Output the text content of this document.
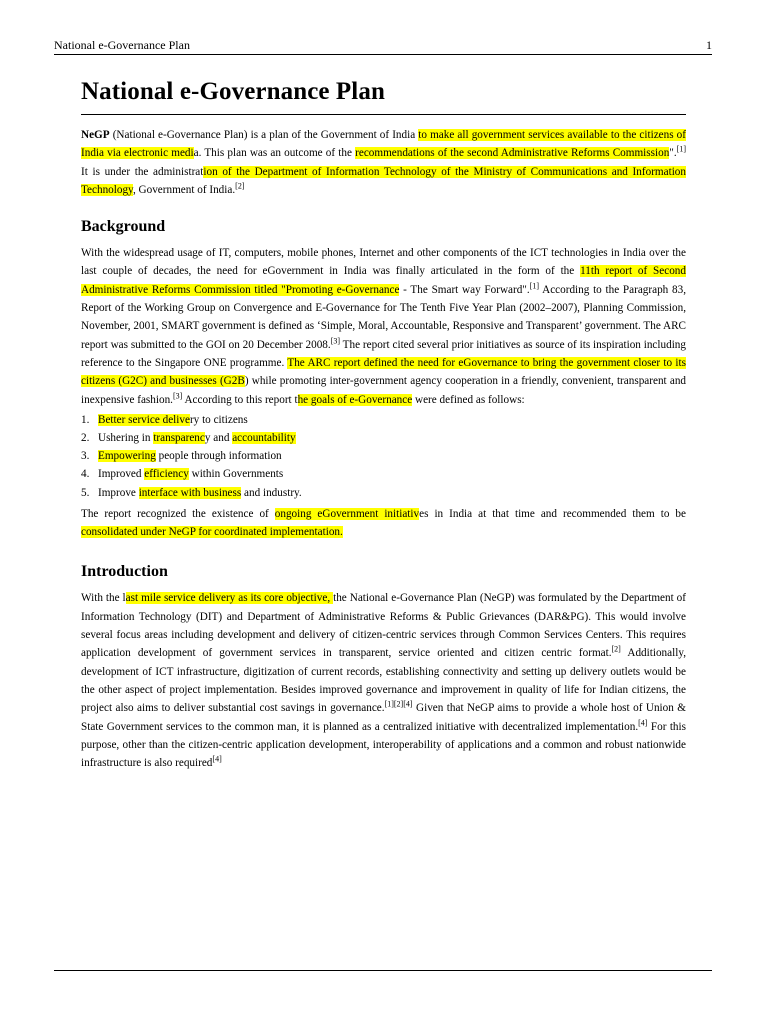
National e-Governance Plan	1
National e-Governance Plan

NeGP (National e-Governance Plan) is a plan of the Government of India to make all government services available to the citizens of India via electronic media. This plan was an outcome of the recommendations of the second Administrative Reforms Commission".[1] It is under the administration of the Department of Information Technology of the Ministry of Communications and Information Technology, Government of India.[2]

Background

With the widespread usage of IT, computers, mobile phones, Internet and other components of the ICT technologies in India over the last couple of decades, the need for eGovernment in India was finally articulated in the form of the 11th report of Second Administrative Reforms Commission titled "Promoting e-Governance - The Smart way Forward".[1] According to the Paragraph 83, Report of the Working Group on Convergence and E-Governance for The Tenth Five Year Plan (2002–2007), Planning Commission, November, 2001, SMART government is defined as ‘Simple, Moral, Accountable, Responsive and Transparent’ government. The ARC report was submitted to the GOI on 20 December 2008.[3] The report cited several prior initiatives as source of its inspiration including reference to the Singapore ONE programme. The ARC report defined the need for eGovernance to bring the government closer to its citizens (G2C) and businesses (G2B) while promoting inter-government agency cooperation in a friendly, convenient, transparent and inexpensive fashion.[3] According to this report the goals of e-Governance were defined as follows:

1. Better service delivery to citizens
2. Ushering in transparency and accountability
3. Empowering people through information
4. Improved efficiency within Governments
5. Improve interface with business and industry.

The report recognized the existence of ongoing eGovernment initiatives in India at that time and recommended them to be consolidated under NeGP for coordinated implementation.

Introduction

With the last mile service delivery as its core objective, the National e-Governance Plan (NeGP) was formulated by the Department of Information Technology (DIT) and Department of Administrative Reforms & Public Grievances (DAR&PG). This would involve several focus areas including development and delivery of citizen-centric services through Common Services Centers. This requires application development of government services in transparent, service oriented and citizen centric format.[2] Additionally, development of ICT infrastructure, digitization of current records, establishing connectivity and setting up delivery outlets would be the other aspect of project implementation. Besides improved governance and improvement in quality of life for Indian citizens, the project also aims to deliver substantial cost savings in governance.[1][2][4] Given that NeGP aims to provide a whole host of Union & State Government services to the common man, it is planned as a centralized initiative with decentralized implementation.[4] For this purpose, other than the citizen-centric application development, interoperability of applications and a common and robust nationwide infrastructure is also required[4]
